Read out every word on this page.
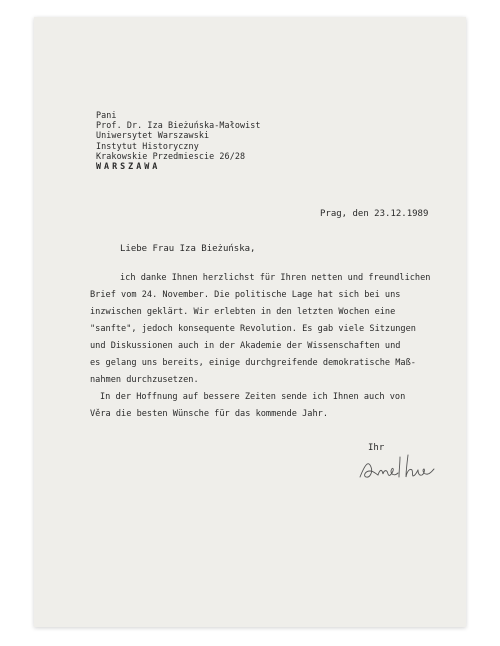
Pani
Prof. Dr. Iza Bieżuńska-Małowist
Uniwersytet Warszawski
Instytut Historyczny
Krakowskie Przedmiescie 26/28
WARSZAWA
Prag, den 23.12.1989
Liebe Frau Iza Bieżuńska,
ich danke Ihnen herzlichst für Ihren netten und freundlichen
Brief vom 24. November. Die politische Lage hat sich bei uns
inzwischen geklärt. Wir erlebten in den letzten Wochen eine
"sanfte", jedoch konsequente Revolution. Es gab viele Sitzungen
und Diskussionen auch in der Akademie der Wissenschaften und
es gelang uns bereits, einige durchgreifende demokratische Maß-
nahmen durchzusetzen.
In der Hoffnung auf bessere Zeiten sende ich Ihnen auch von
Věra die besten Wünsche für das kommende Jahr.
Ihr
